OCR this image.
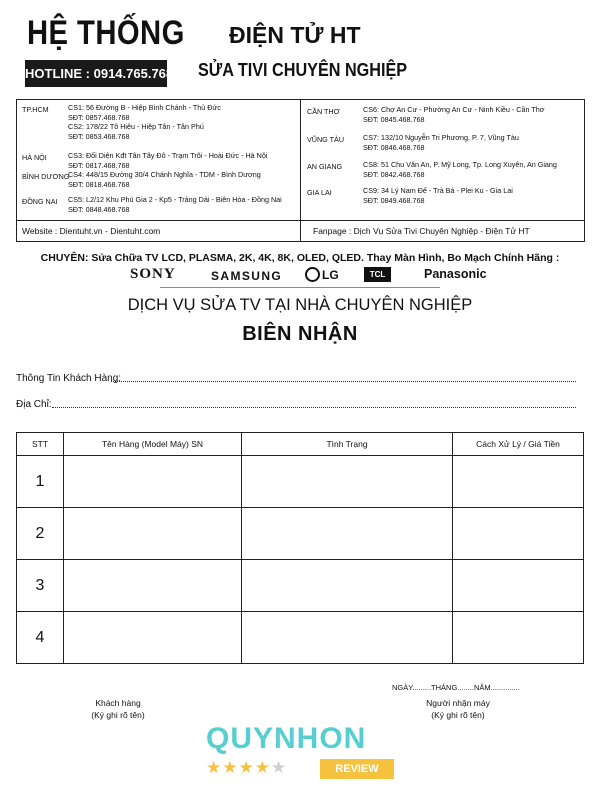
HỆ THỐNG
HOTLINE : 0914.765.768
ĐIỆN TỬ HT
SỬA TIVI CHUYÊN NGHIỆP
TP.HCM	CS1: 56 Đường B - Hiệp Bình Chánh - Thủ Đức
SĐT: 0857.468.768
CS2: 178/22 Tô Hiệu - Hiệp Tân - Tân Phú
SĐT: 0853.468.768
HÀ NỘI	CS3: Đối Diện Kđt Tân Tây Đô - Trạm Trôi - Hoài Đức - Hà Nội
SĐT: 0817.468.768
BÌNH DƯƠNG
CS4: 448/15 Đường 30/4 Chánh Nghĩa - TDM - Bình Dương
SĐT: 0818.468.768
ĐỒNG NAI CS5: L2/12 Khu Phú Gia 2 - Kp5 - Trảng Dài - Biên Hòa - Đồng Nai
SĐT: 0848.468.768
CẦN THƠ	CS6: Chợ An Cư - Phường An Cư - Ninh Kiều - Cần Thơ
SĐT: 0845.468.768
VŨNG TÀU	CS7: 132/10 Nguyễn Tri Phương, P. 7, Vũng Tàu
SĐT: 0846.468.768
AN GIANG	CS8: 51 Chu Văn An, P. Mỹ Long, Tp. Long Xuyên, An Giang
SĐT: 0842.468.768
GIA LAI	CS9: 34 Lý Nam Đế - Trà Bá - Plei Ku - Gia Lai
SĐT: 0849.468.768
Website : Dientuht.vn - Dientuht.com	Fanpage : Dịch Vụ Sửa Tivi Chuyên Nghiệp - Điện Tử HT
CHUYÊN: Sửa Chữa TV LCD, PLASMA, 2K, 4K, 8K, OLED, QLED. Thay Màn Hình, Bo Mạch Chính Hãng :
SONY	SAMSUNG	LG	TCL	Panasonic
DỊCH VỤ SỬA TV TẠI NHÀ CHUYÊN NGHIỆP
BIÊN NHẬN
Thông Tin Khách Hàng:
Địa Chỉ:
STT	Tên Hàng (Model Máy) SN	Tình Trạng	Cách Xử Lý / Giá Tiền
1			
2			
3			
4			
NGÀY.........THÁNG........NĂM..............
Khách hàng
(Ký ghi rõ tên)
Người nhận máy
(Ký ghi rõ tên)
QUYNHON
★★★★★	REVIEW
